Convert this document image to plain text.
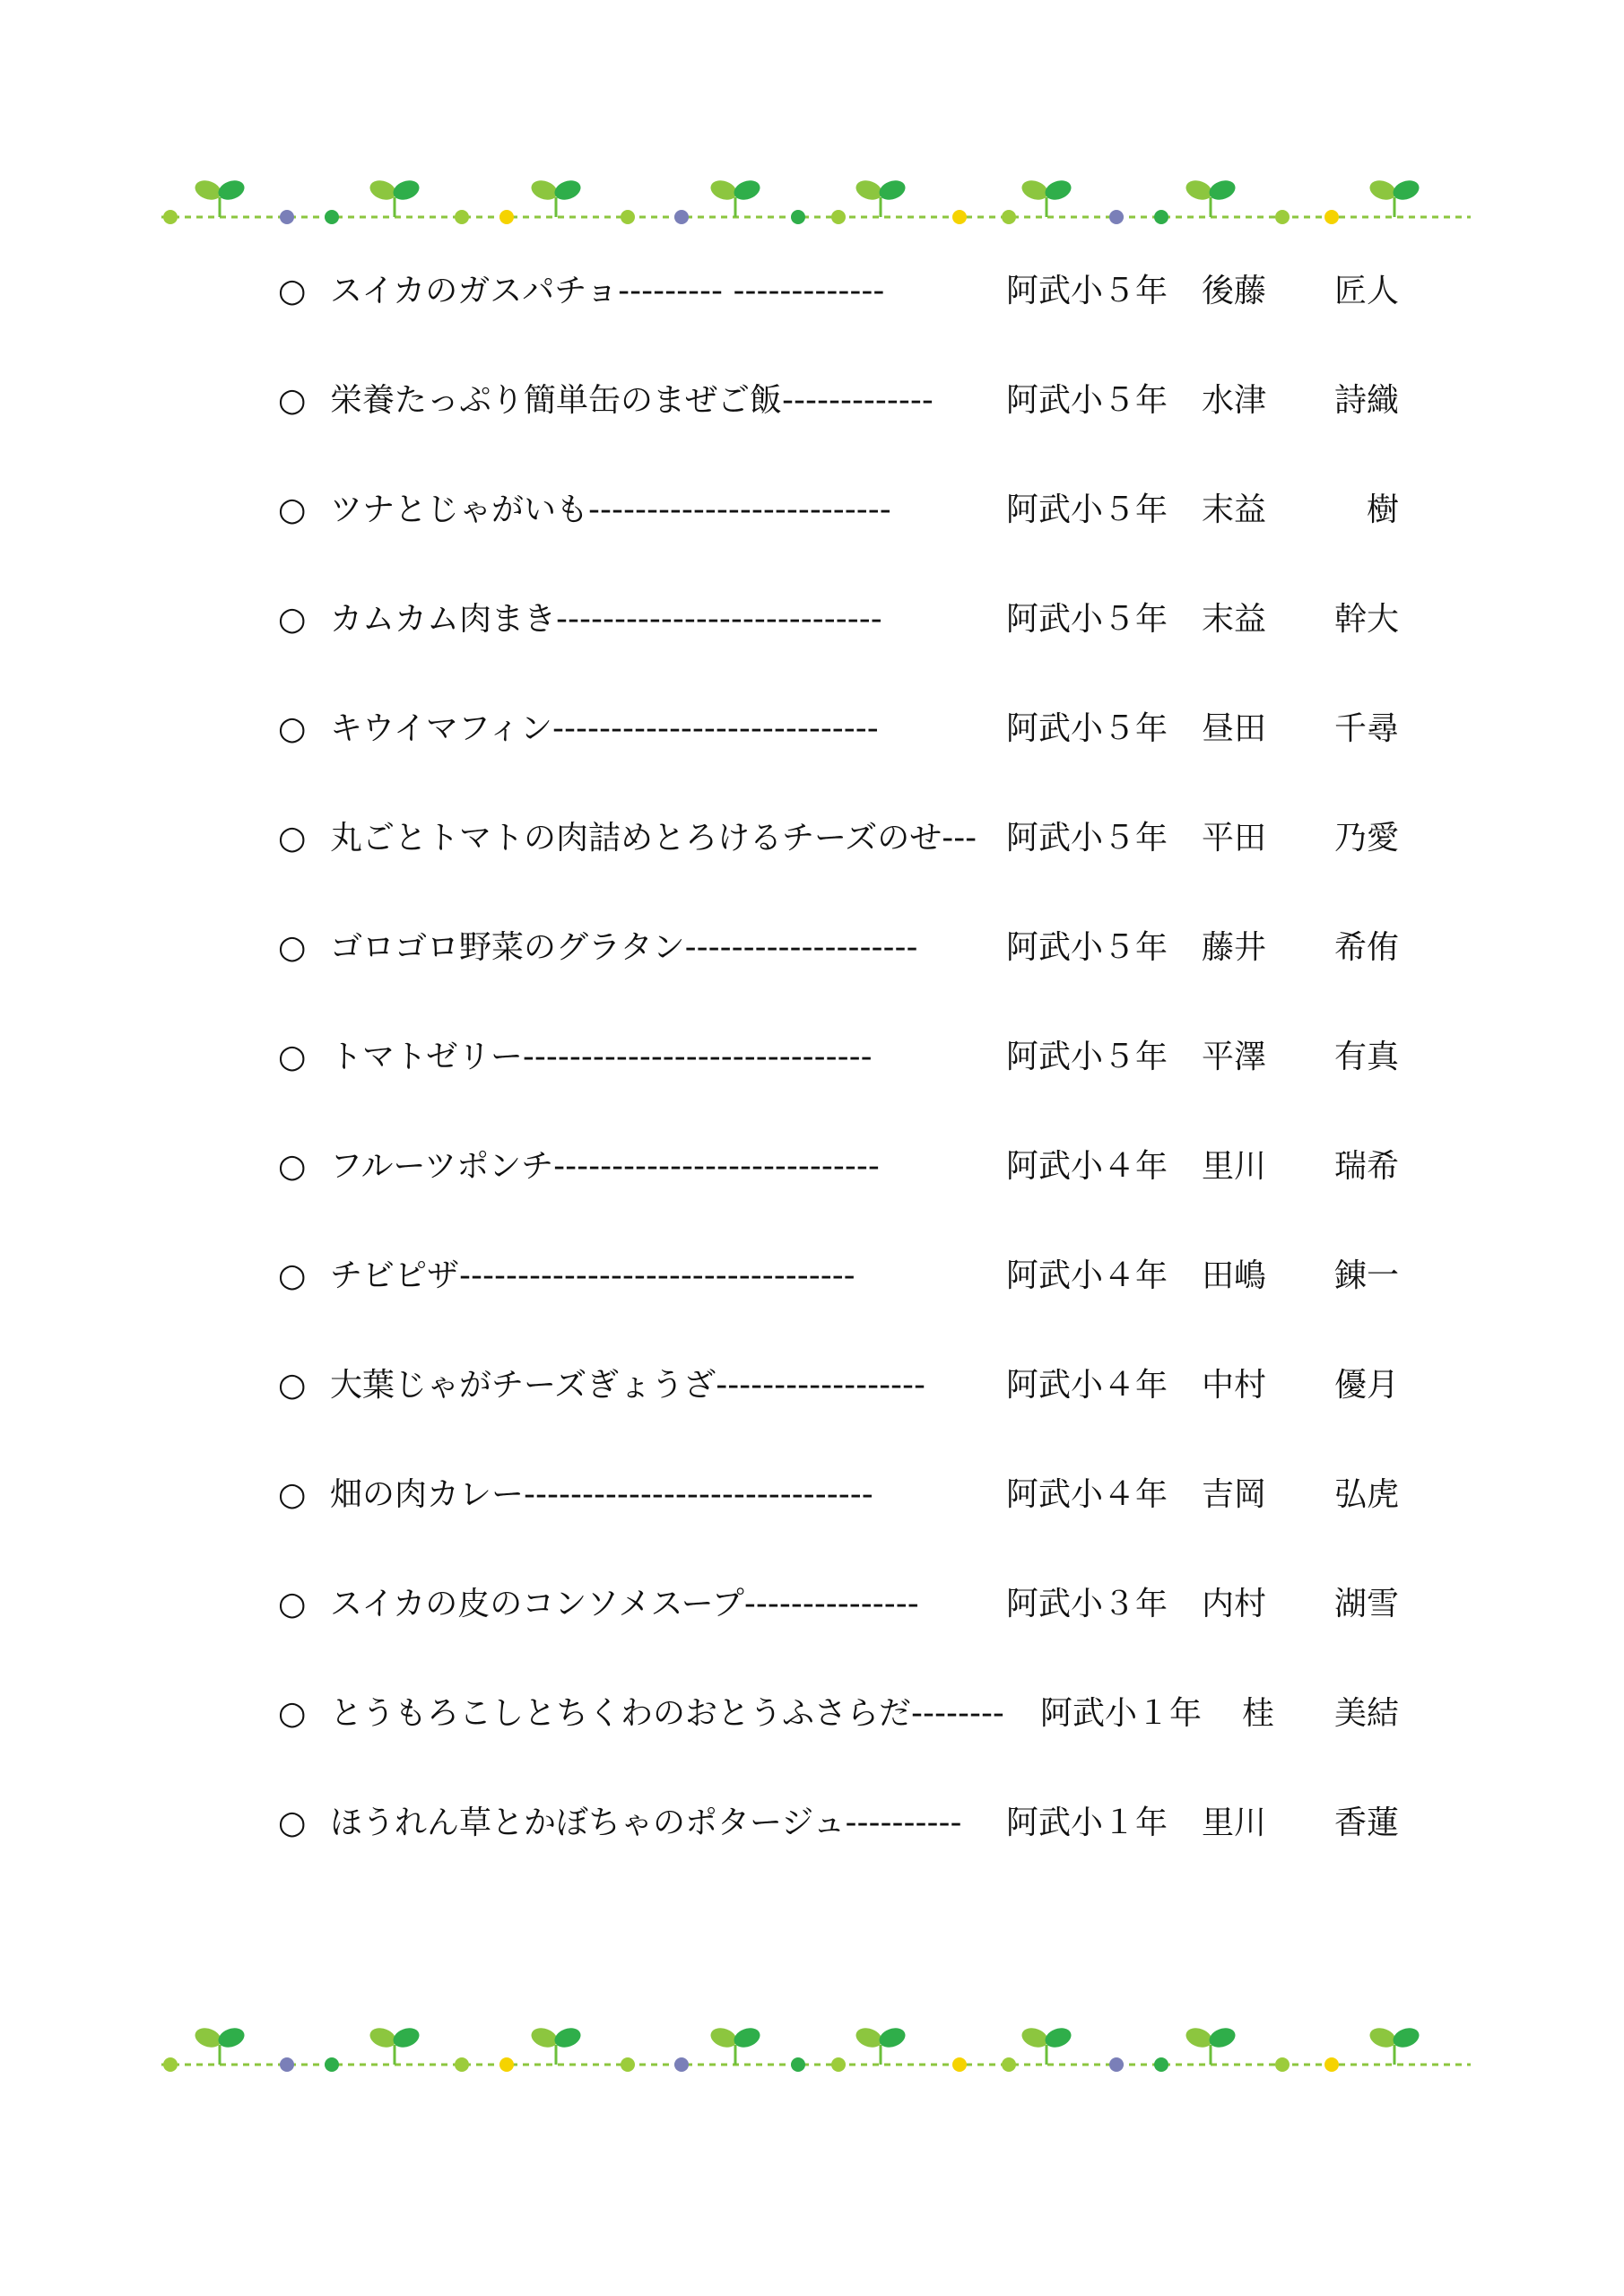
○ スイカのガスパチョ--------- -------------	阿武小５年 後藤 匠人
○ 栄養たっぷり簡単缶のまぜご飯------------- 阿武小５年 水津 詩織
○ ツナとじゃがいも--------------------------	阿武小５年 末益	樹
○ カムカム肉まき----------------------------	阿武小５年 末益 幹大
○ キウイマフィン----------------------------	阿武小５年 昼田 千尋
○ 丸ごとトマトの肉詰めとろけるチーズのせ--- 阿武小５年 平田 乃愛
○ ゴロゴロ野菜のグラタン--------------------	阿武小５年 藤井 希侑
○ トマトゼリー------------------------------	阿武小５年 平澤 有真
○ フルーツポンチ----------------------------	阿武小４年 里川 瑞希
○ チビピザ----------------------------------	阿武小４年 田嶋 錬一
○ 大葉じゃがチーズぎょうざ------------------ 阿武小４年 中村 優月
○ 畑の肉カレー------------------------------	阿武小４年 吉岡 弘虎
○ スイカの皮のコンソメスープ---------------	阿武小３年 内村 湖雪
○ とうもろこしとちくわのおとうふさらだ-------- 阿武小１年 桂 美結
○ ほうれん草とかぼちゃのポタージュ---------- 阿武小１年 里川 香蓮
